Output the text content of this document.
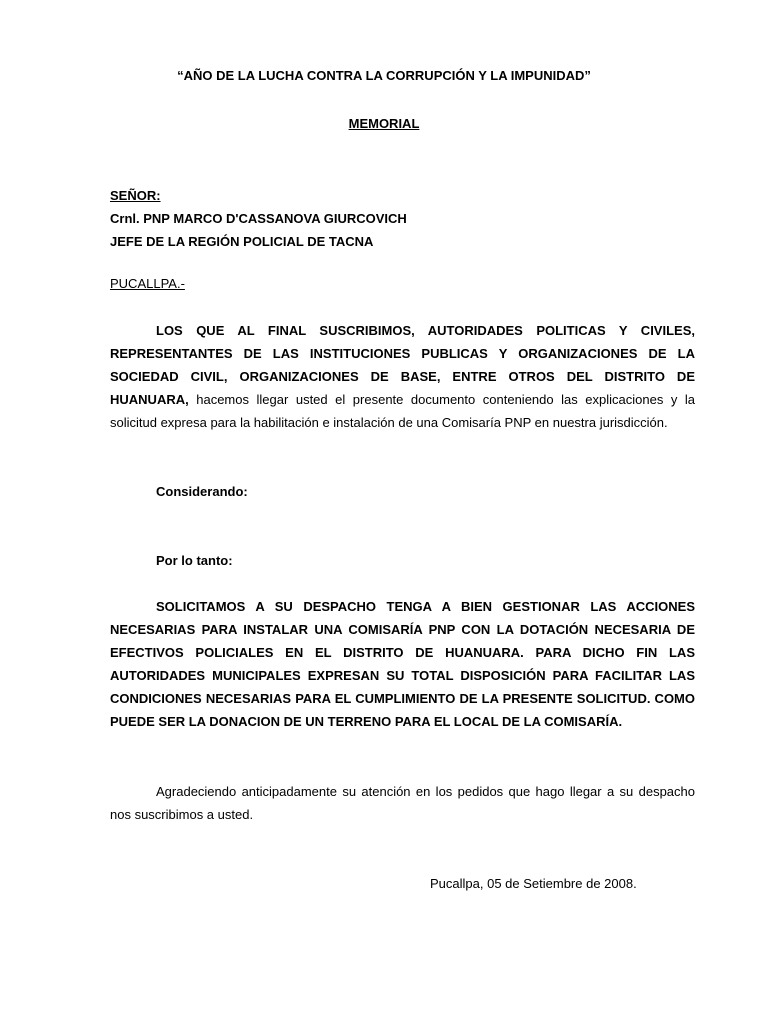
“AÑO DE LA LUCHA CONTRA LA CORRUPCIÓN Y LA IMPUNIDAD”
MEMORIAL
SEÑOR:
Crnl. PNP MARCO D'CASSANOVA GIURCOVICH
JEFE DE LA REGIÓN POLICIAL DE TACNA
PUCALLPA.-

LOS QUE AL FINAL SUSCRIBIMOS, AUTORIDADES POLITICAS Y CIVILES, REPRESENTANTES DE LAS INSTITUCIONES PUBLICAS Y ORGANIZACIONES DE LA SOCIEDAD CIVIL, ORGANIZACIONES DE BASE, ENTRE OTROS DEL DISTRITO DE HUANUARA, hacemos llegar usted el presente documento conteniendo las explicaciones y la solicitud expresa para la habilitación e instalación de una Comisaría PNP en nuestra jurisdicción.

Considerando:
Por lo tanto:

SOLICITAMOS A SU DESPACHO TENGA A BIEN GESTIONAR LAS ACCIONES NECESARIAS PARA INSTALAR UNA COMISARÍA PNP CON LA DOTACIÓN NECESARIA DE EFECTIVOS POLICIALES EN EL DISTRITO DE HUANUARA. PARA DICHO FIN LAS AUTORIDADES MUNICIPALES EXPRESAN SU TOTAL DISPOSICIÓN PARA FACILITAR LAS CONDICIONES NECESARIAS PARA EL CUMPLIMIENTO DE LA PRESENTE SOLICITUD. COMO PUEDE SER LA DONACION DE UN TERRENO PARA EL LOCAL DE LA COMISARÍA.

Agradeciendo anticipadamente su atención en los pedidos que hago llegar a su despacho nos suscribimos a usted.

Pucallpa, 05 de Setiembre de 2008.
